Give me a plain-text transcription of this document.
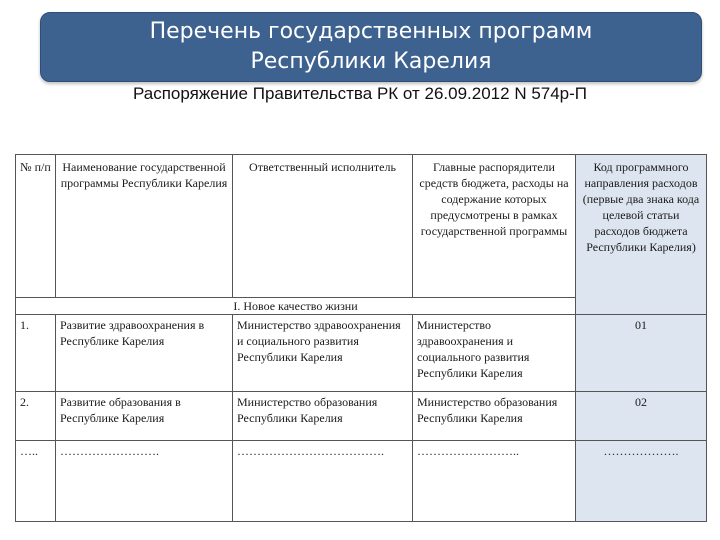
Перечень государственных программ
Республики Карелия
Распоряжение Правительства РК от 26.09.2012 N 574р-П
№ п/п	Наименование государственной программы Республики Карелия	Ответственный исполнитель	Главные распорядители средств бюджета, расходы на содержание которых предусмотрены в рамках государственной программы	Код программного направления расходов (первые два знака кода целевой статьи расходов бюджета Республики Карелия)

I. Новое качество жизни				

1.	Развитие здравоохранения в Республике Карелия	Министерство здравоохранения и социального развития Республики Карелия	Министерство здравоохранения и социального развития Республики Карелия	01
2.	Развитие образования в Республике Карелия	Министерство образования Республики Карелия	Министерство образования Республики Карелия	02
…..	…………………….	……………………………….	……………………..	……………….
